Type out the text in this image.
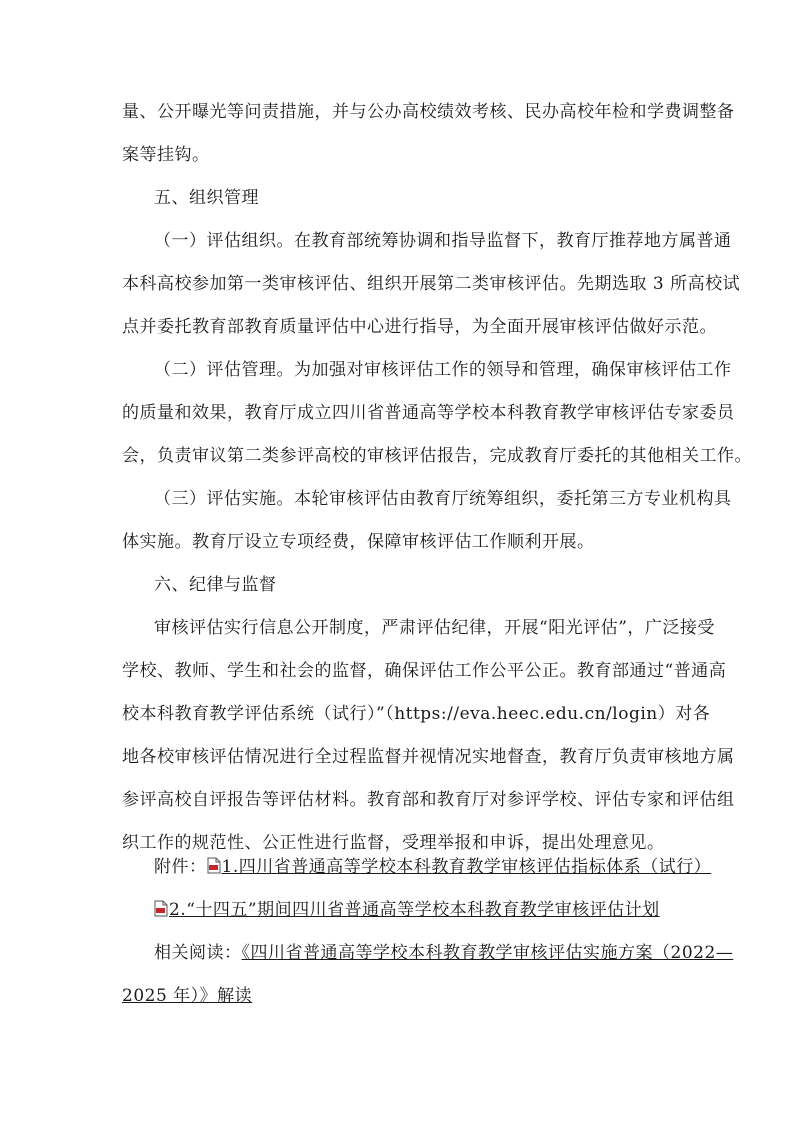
量、公开曝光等问责措施，并与公办高校绩效考核、民办高校年检和学费调整备
案等挂钩。
五、组织管理
（一）评估组织。在教育部统筹协调和指导监督下，教育厅推荐地方属普通
本科高校参加第一类审核评估、组织开展第二类审核评估。先期选取 3 所高校试
点并委托教育部教育质量评估中心进行指导，为全面开展审核评估做好示范。
（二）评估管理。为加强对审核评估工作的领导和管理，确保审核评估工作
的质量和效果，教育厅成立四川省普通高等学校本科教育教学审核评估专家委员
会，负责审议第二类参评高校的审核评估报告，完成教育厅委托的其他相关工作。
（三）评估实施。本轮审核评估由教育厅统筹组织，委托第三方专业机构具
体实施。教育厅设立专项经费，保障审核评估工作顺利开展。
六、纪律与监督
审核评估实行信息公开制度，严肃评估纪律，开展“阳光评估”，广泛接受
学校、教师、学生和社会的监督，确保评估工作公平公正。教育部通过“普通高
校本科教育教学评估系统（试行）”（https://eva.heec.edu.cn/login）对各
地各校审核评估情况进行全过程监督并视情况实地督查，教育厅负责审核地方属
参评高校自评报告等评估材料。教育部和教育厅对参评学校、评估专家和评估组
织工作的规范性、公正性进行监督，受理举报和申诉，提出处理意见。
附件： 1.四川省普通高等学校本科教育教学审核评估指标体系（试行）
2.“十四五”期间四川省普通高等学校本科教育教学审核评估计划
相关阅读：《四川省普通高等学校本科教育教学审核评估实施方案（2022—
2025 年）》解读
